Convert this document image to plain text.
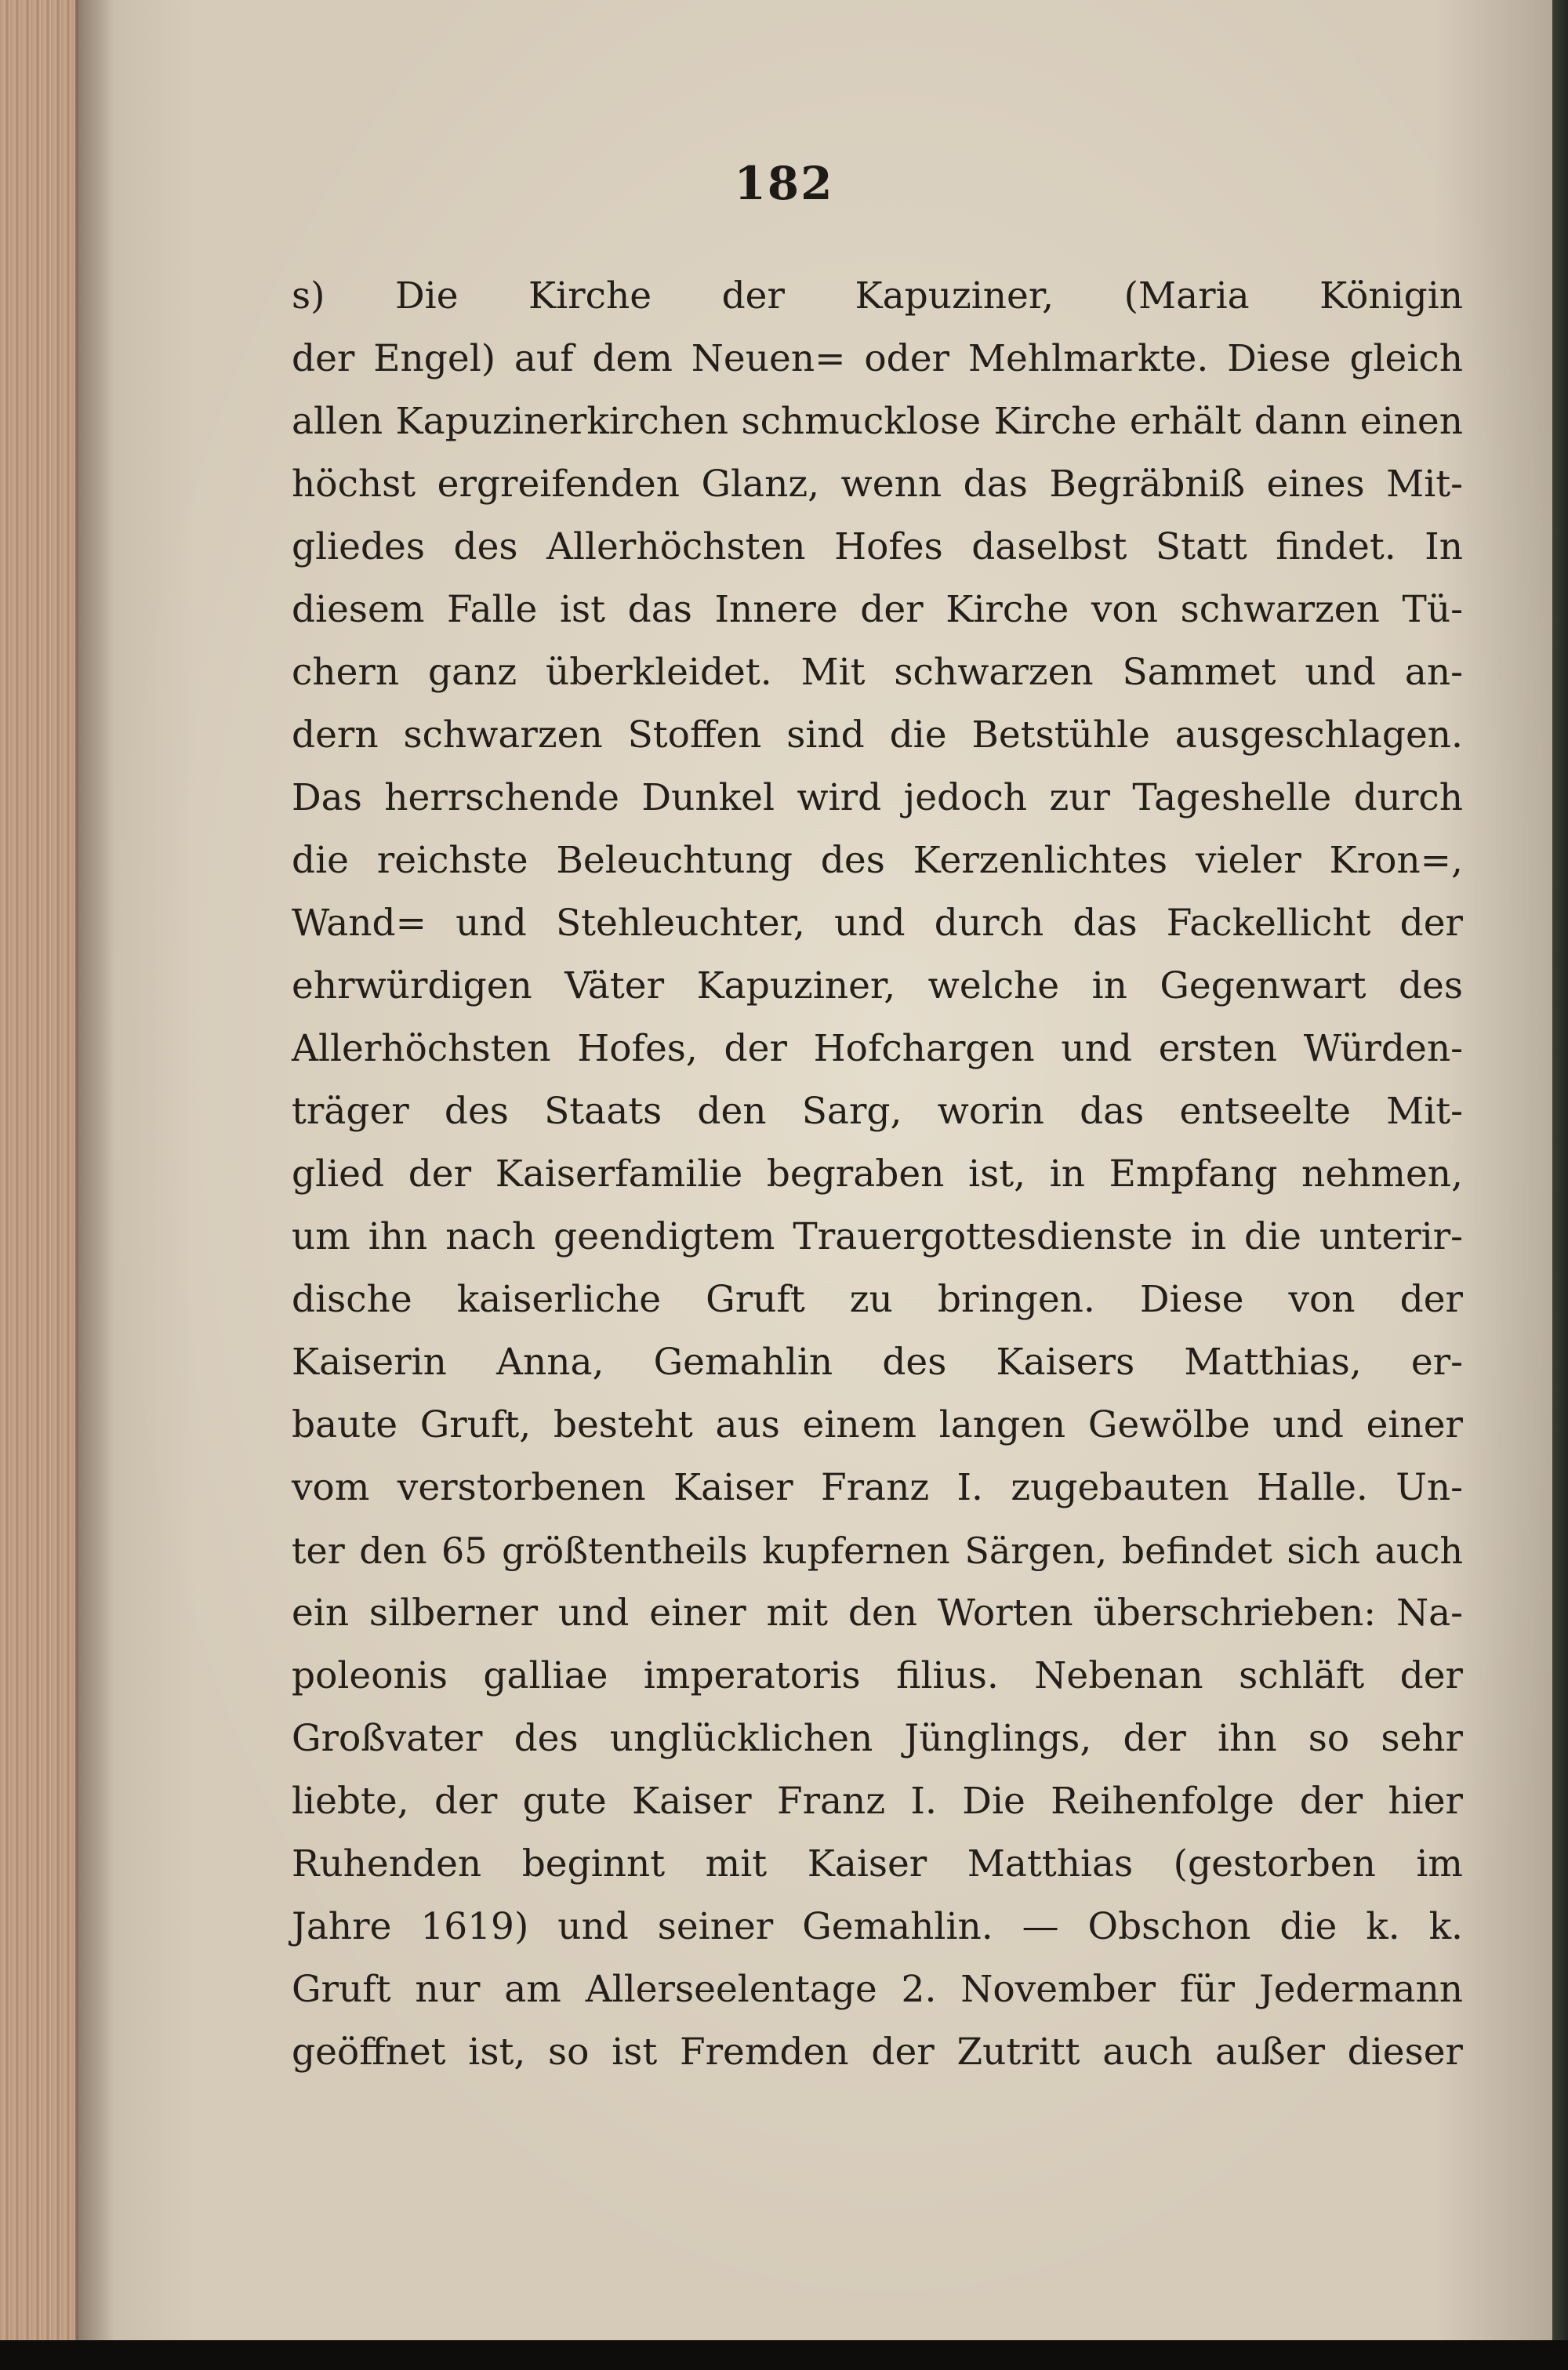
182
s) Die Kirche der Kapuziner, (Maria Königin
der Engel) auf dem Neuen= oder Mehlmarkte. Diese gleich
allen Kapuzinerkirchen schmucklose Kirche erhält dann einen
höchst ergreifenden Glanz, wenn das Begräbniß eines Mit-
gliedes des Allerhöchsten Hofes daselbst Statt findet. In
diesem Falle ist das Innere der Kirche von schwarzen Tü-
chern ganz überkleidet. Mit schwarzen Sammet und an-
dern schwarzen Stoffen sind die Betstühle ausgeschlagen.
Das herrschende Dunkel wird jedoch zur Tageshelle durch
die reichste Beleuchtung des Kerzenlichtes vieler Kron=,
Wand= und Stehleuchter, und durch das Fackellicht der
ehrwürdigen Väter Kapuziner, welche in Gegenwart des
Allerhöchsten Hofes, der Hofchargen und ersten Würden-
träger des Staats den Sarg, worin das entseelte Mit-
glied der Kaiserfamilie begraben ist, in Empfang nehmen,
um ihn nach geendigtem Trauergottesdienste in die unterir-
dische kaiserliche Gruft zu bringen. Diese von der
Kaiserin Anna, Gemahlin des Kaisers Matthias, er-
baute Gruft, besteht aus einem langen Gewölbe und einer
vom verstorbenen Kaiser Franz I. zugebauten Halle. Un-
ter den 65 größtentheils kupfernen Särgen, befindet sich auch
ein silberner und einer mit den Worten überschrieben: Na-
poleonis galliae imperatoris filius. Nebenan schläft der
Großvater des unglücklichen Jünglings, der ihn so sehr
liebte, der gute Kaiser Franz I. Die Reihenfolge der hier
Ruhenden beginnt mit Kaiser Matthias (gestorben im
Jahre 1619) und seiner Gemahlin. — Obschon die k. k.
Gruft nur am Allerseelentage 2. November für Jedermann
geöffnet ist, so ist Fremden der Zutritt auch außer dieser
